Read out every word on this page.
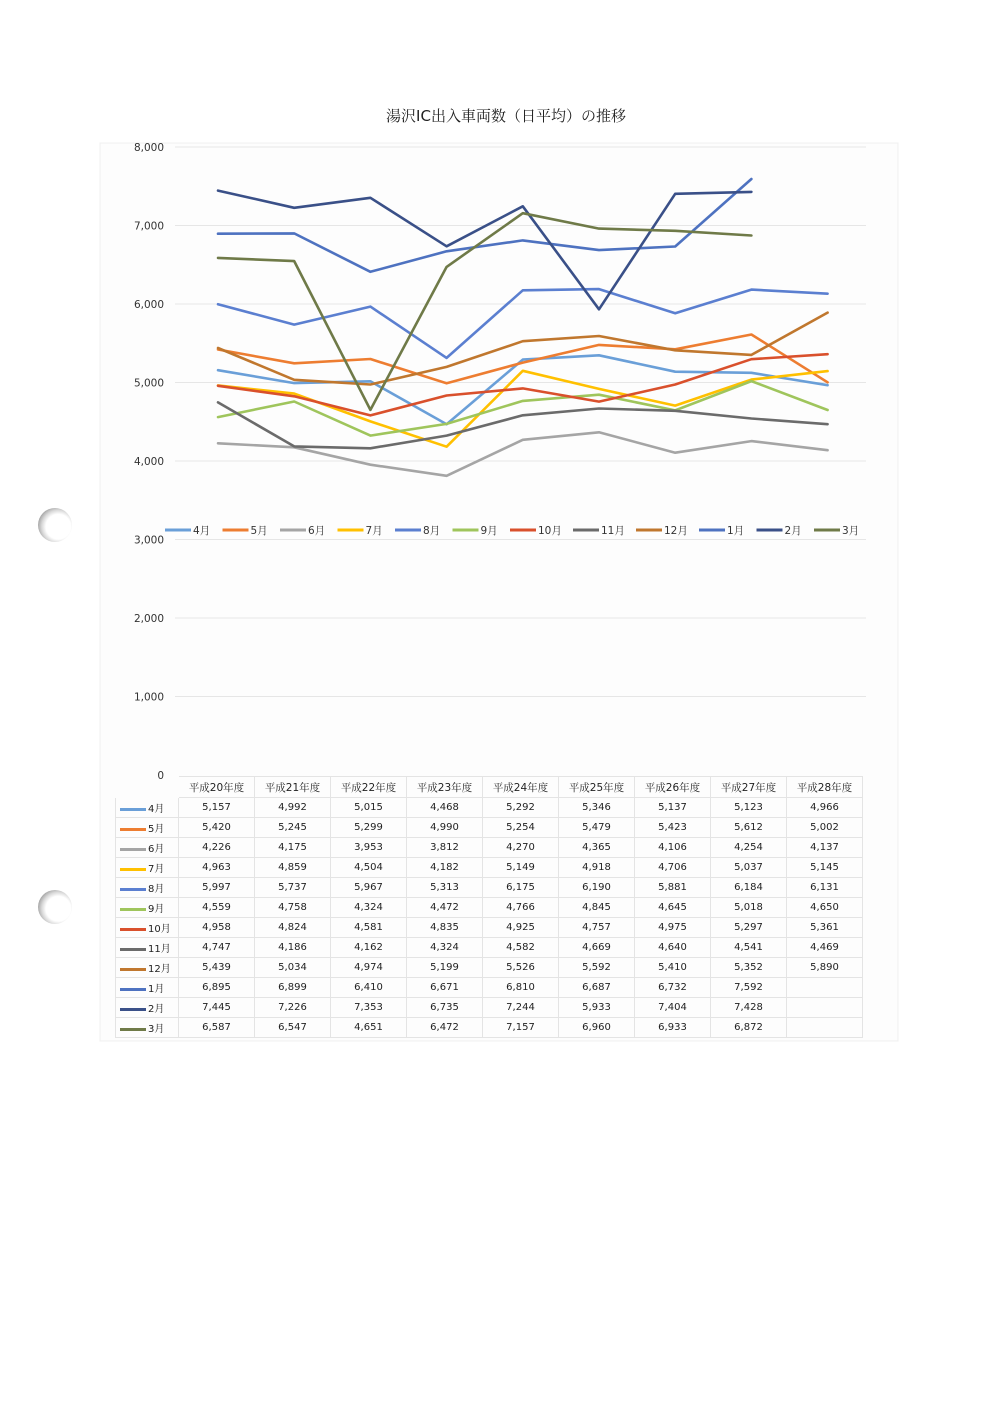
湯沢IC出入車両数（日平均）の推移
0
1,000
2,000
3,000
4,000
5,000
6,000
7,000
8,000
4月	5月	6月	7月	8月	9月	10月	11月	12月	1月	2月	3月
	平成20年度	平成21年度	平成22年度	平成23年度	平成24年度	平成25年度	平成26年度	平成27年度	平成28年度
4月	5,157	4,992	5,015	4,468	5,292	5,346	5,137	5,123	4,966
5月	5,420	5,245	5,299	4,990	5,254	5,479	5,423	5,612	5,002
6月	4,226	4,175	3,953	3,812	4,270	4,365	4,106	4,254	4,137
7月	4,963	4,859	4,504	4,182	5,149	4,918	4,706	5,037	5,145
8月	5,997	5,737	5,967	5,313	6,175	6,190	5,881	6,184	6,131
9月	4,559	4,758	4,324	4,472	4,766	4,845	4,645	5,018	4,650
10月	4,958	4,824	4,581	4,835	4,925	4,757	4,975	5,297	5,361
11月	4,747	4,186	4,162	4,324	4,582	4,669	4,640	4,541	4,469
12月	5,439	5,034	4,974	5,199	5,526	5,592	5,410	5,352	5,890
1月	6,895	6,899	6,410	6,671	6,810	6,687	6,732	7,592	
2月	7,445	7,226	7,353	6,735	7,244	5,933	7,404	7,428	
3月	6,587	6,547	4,651	6,472	7,157	6,960	6,933	6,872	
